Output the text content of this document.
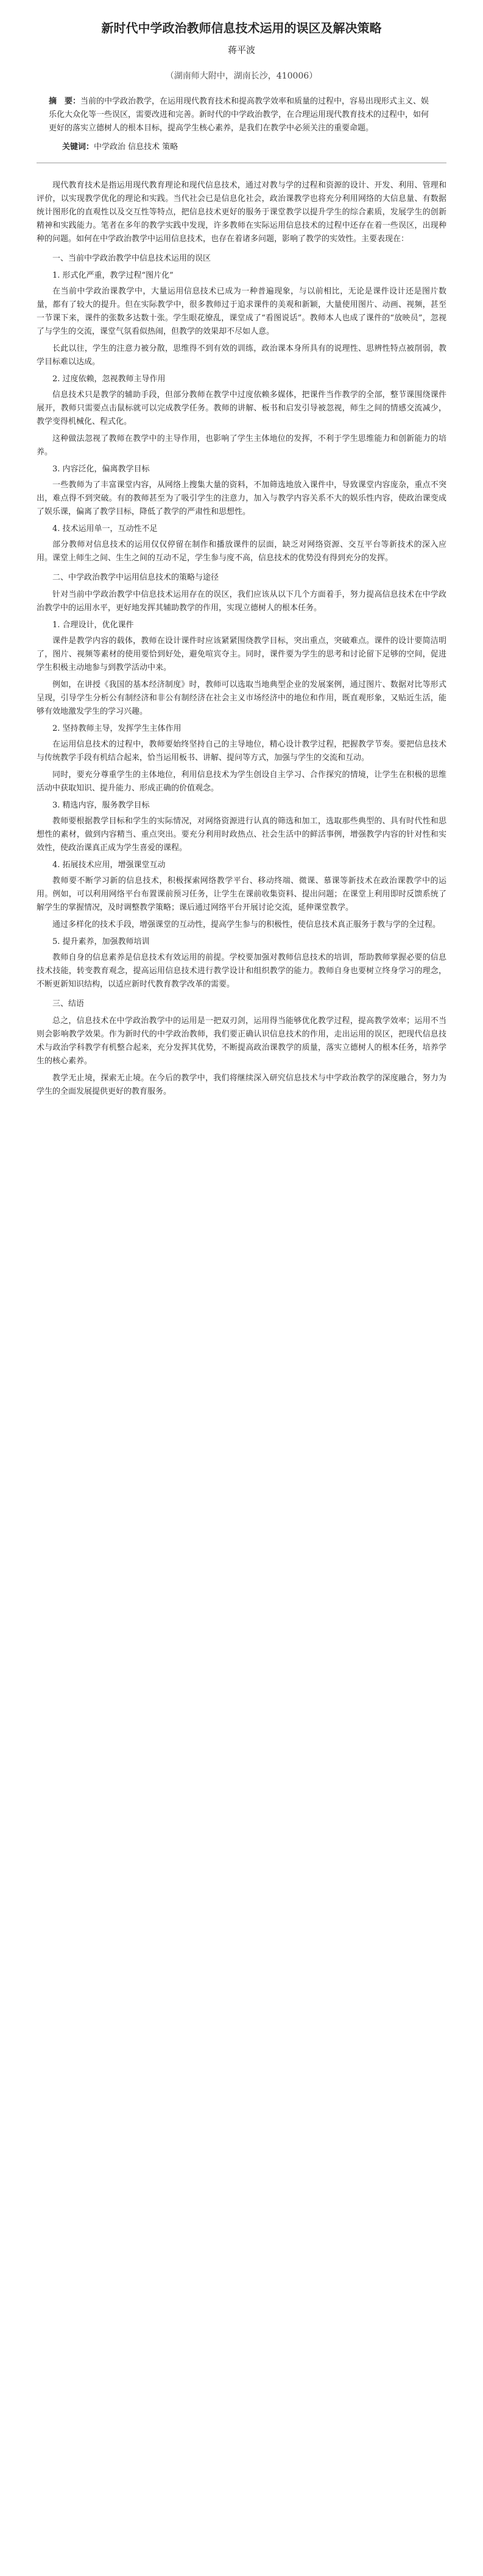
新时代中学政治教师信息技术运用的误区及解决策略
蒋平波
（湖南师大附中，湖南长沙，410006）
摘　要：当前的中学政治教学，在运用现代教育技术和提高教学效率和质量的过程中，容易出现形式主义、娱乐化大众化等一些误区，需要改进和完善。新时代的中学政治教学，在合理运用现代教育技术的过程中，如何更好的落实立德树人的根本目标，提高学生核心素养，是我们在教学中必须关注的重要命题。
关键词：中学政治 信息技术 策略

现代教育技术是指运用现代教育理论和现代信息技术，通过对教与学的过程和资源的设计、开发、利用、管理和评价，以实现教学优化的理论和实践。当代社会已是信息化社会，政治课教学也将充分利用网络的大信息量、有数据统计图形化的直观性以及交互性等特点，把信息技术更好的服务于课堂教学以提升学生的综合素质，发展学生的创新精神和实践能力。笔者在多年的教学实践中发现，许多教师在实际运用信息技术的过程中还存在着一些误区，出现种种的问题。如何在中学政治教学中运用信息技术，也存在着诸多问题，影响了教学的实效性。主要表现在：

一、当前中学政治教学中信息技术运用的误区
1. 形式化严重，教学过程“图片化”

在当前中学政治课教学中，大量运用信息技术已成为一种普遍现象，与以前相比，无论是课件设计还是图片数量，都有了较大的提升。但在实际教学中，很多教师过于追求课件的美观和新颖，大量使用图片、动画、视频，甚至一节课下来，课件的张数多达数十张。学生眼花缭乱，课堂成了“看图说话”。教师本人也成了课件的“放映员”，忽视了与学生的交流，课堂气氛看似热闹，但教学的效果却不尽如人意。

长此以往，学生的注意力被分散，思维得不到有效的训练，政治课本身所具有的说理性、思辨性特点被削弱，教学目标难以达成。

2. 过度依赖，忽视教师主导作用

信息技术只是教学的辅助手段，但部分教师在教学中过度依赖多媒体，把课件当作教学的全部，整节课围绕课件展开，教师只需要点击鼠标就可以完成教学任务。教师的讲解、板书和启发引导被忽视，师生之间的情感交流减少，教学变得机械化、程式化。

这种做法忽视了教师在教学中的主导作用，也影响了学生主体地位的发挥，不利于学生思维能力和创新能力的培养。

3. 内容泛化，偏离教学目标

一些教师为了丰富课堂内容，从网络上搜集大量的资料，不加筛选地放入课件中，导致课堂内容庞杂，重点不突出，难点得不到突破。有的教师甚至为了吸引学生的注意力，加入与教学内容关系不大的娱乐性内容，使政治课变成了娱乐课，偏离了教学目标，降低了教学的严肃性和思想性。

4. 技术运用单一，互动性不足

部分教师对信息技术的运用仅仅停留在制作和播放课件的层面，缺乏对网络资源、交互平台等新技术的深入应用。课堂上师生之间、生生之间的互动不足，学生参与度不高，信息技术的优势没有得到充分的发挥。

二、中学政治教学中运用信息技术的策略与途径

针对当前中学政治教学中信息技术运用存在的误区，我们应该从以下几个方面着手，努力提高信息技术在中学政治教学中的运用水平，更好地发挥其辅助教学的作用，实现立德树人的根本任务。

1. 合理设计，优化课件

课件是教学内容的载体，教师在设计课件时应该紧紧围绕教学目标，突出重点，突破难点。课件的设计要简洁明了，图片、视频等素材的使用要恰到好处，避免喧宾夺主。同时，课件要为学生的思考和讨论留下足够的空间，促进学生积极主动地参与到教学活动中来。

例如，在讲授《我国的基本经济制度》时，教师可以选取当地典型企业的发展案例，通过图片、数据对比等形式呈现，引导学生分析公有制经济和非公有制经济在社会主义市场经济中的地位和作用，既直观形象，又贴近生活，能够有效地激发学生的学习兴趣。

2. 坚持教师主导，发挥学生主体作用

在运用信息技术的过程中，教师要始终坚持自己的主导地位，精心设计教学过程，把握教学节奏。要把信息技术与传统教学手段有机结合起来，恰当运用板书、讲解、提问等方式，加强与学生的交流和互动。

同时，要充分尊重学生的主体地位，利用信息技术为学生创设自主学习、合作探究的情境，让学生在积极的思维活动中获取知识、提升能力、形成正确的价值观念。

3. 精选内容，服务教学目标

教师要根据教学目标和学生的实际情况，对网络资源进行认真的筛选和加工，选取那些典型的、具有时代性和思想性的素材，做到内容精当、重点突出。要充分利用时政热点、社会生活中的鲜活事例，增强教学内容的针对性和实效性，使政治课真正成为学生喜爱的课程。

4. 拓展技术应用，增强课堂互动

教师要不断学习新的信息技术，积极探索网络教学平台、移动终端、微课、慕课等新技术在政治课教学中的运用。例如，可以利用网络平台布置课前预习任务，让学生在课前收集资料、提出问题；在课堂上利用即时反馈系统了解学生的掌握情况，及时调整教学策略；课后通过网络平台开展讨论交流，延伸课堂教学。

通过多样化的技术手段，增强课堂的互动性，提高学生参与的积极性，使信息技术真正服务于教与学的全过程。

5. 提升素养，加强教师培训

教师自身的信息素养是信息技术有效运用的前提。学校要加强对教师信息技术的培训，帮助教师掌握必要的信息技术技能，转变教育观念，提高运用信息技术进行教学设计和组织教学的能力。教师自身也要树立终身学习的理念，不断更新知识结构，以适应新时代教育教学改革的需要。

三、结语

总之，信息技术在中学政治教学中的运用是一把双刃剑，运用得当能够优化教学过程，提高教学效率；运用不当则会影响教学效果。作为新时代的中学政治教师，我们要正确认识信息技术的作用，走出运用的误区，把现代信息技术与政治学科教学有机整合起来，充分发挥其优势，不断提高政治课教学的质量，落实立德树人的根本任务，培养学生的核心素养。

教学无止境，探索无止境。在今后的教学中，我们将继续深入研究信息技术与中学政治教学的深度融合，努力为学生的全面发展提供更好的教育服务。
